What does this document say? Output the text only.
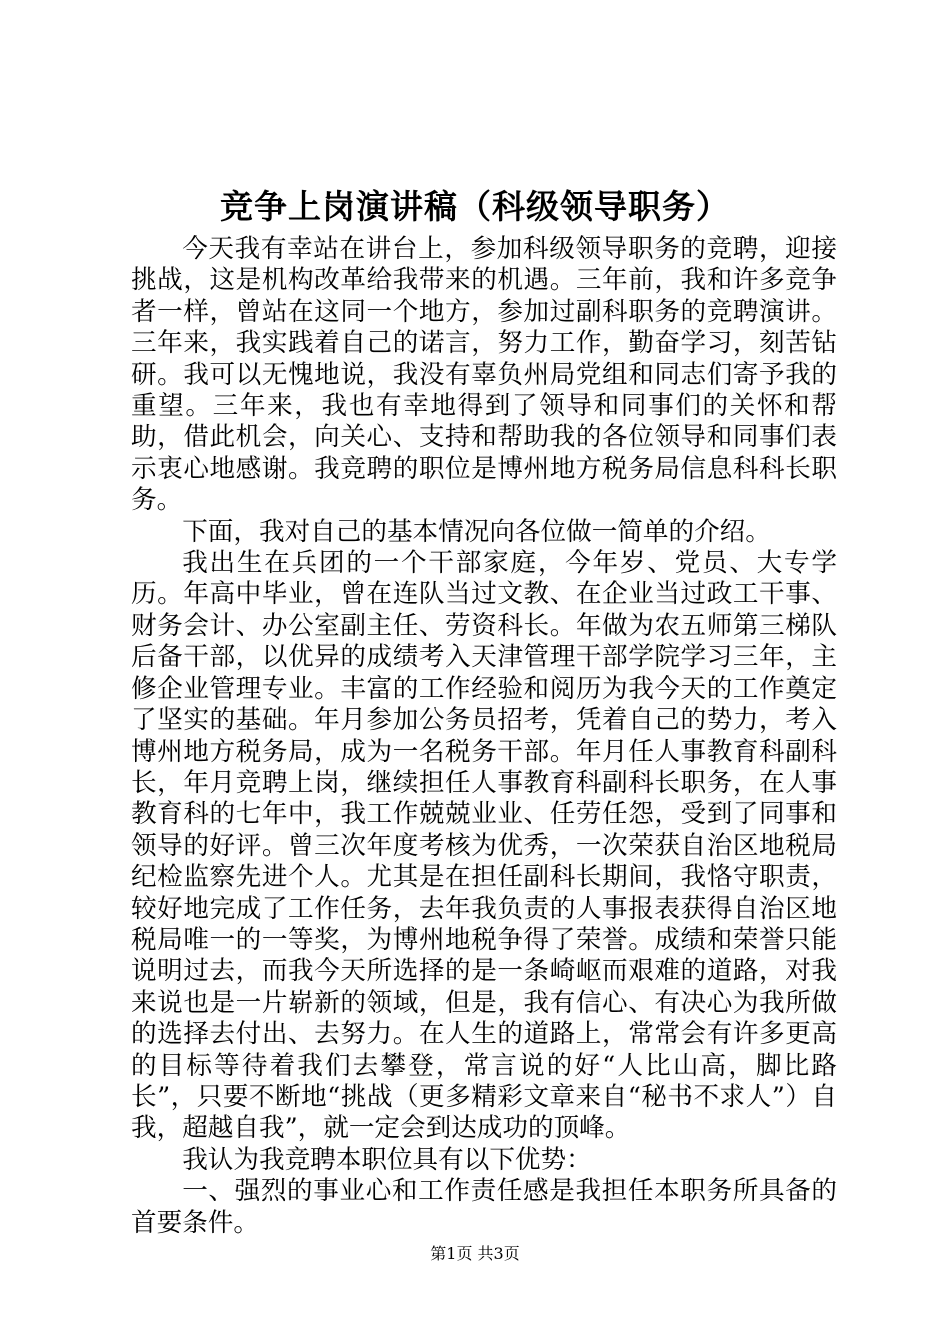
竞争上岗演讲稿（科级领导职务）

今天我有幸站在讲台上，参加科级领导职务的竞聘，迎接挑战，这是机构改革给我带来的机遇。三年前，我和许多竞争者一样，曾站在这同一个地方，参加过副科职务的竞聘演讲。三年来，我实践着自己的诺言，努力工作，勤奋学习，刻苦钻研。我可以无愧地说，我没有辜负州局党组和同志们寄予我的重望。三年来，我也有幸地得到了领导和同事们的关怀和帮助，借此机会，向关心、支持和帮助我的各位领导和同事们表示衷心地感谢。我竞聘的职位是博州地方税务局信息科科长职务。

下面，我对自己的基本情况向各位做一简单的介绍。

我出生在兵团的一个干部家庭，今年岁、党员、大专学历。年高中毕业，曾在连队当过文教、在企业当过政工干事、财务会计、办公室副主任、劳资科长。年做为农五师第三梯队后备干部，以优异的成绩考入天津管理干部学院学习三年，主修企业管理专业。丰富的工作经验和阅历为我今天的工作奠定了坚实的基础。年月参加公务员招考，凭着自己的势力，考入博州地方税务局，成为一名税务干部。年月任人事教育科副科长，年月竞聘上岗，继续担任人事教育科副科长职务，在人事教育科的七年中，我工作兢兢业业、任劳任怨，受到了同事和领导的好评。曾三次年度考核为优秀，一次荣获自治区地税局纪检监察先进个人。尤其是在担任副科长期间，我恪守职责，较好地完成了工作任务，去年我负责的人事报表获得自治区地税局唯一的一等奖，为博州地税争得了荣誉。成绩和荣誉只能说明过去，而我今天所选择的是一条崎岖而艰难的道路，对我来说也是一片崭新的领域，但是，我有信心、有决心为我所做的选择去付出、去努力。在人生的道路上，常常会有许多更高的目标等待着我们去攀登，常言说的好“人比山高，脚比路长”，只要不断地“挑战（更多精彩文章来自“秘书不求人”）自我，超越自我”，就一定会到达成功的顶峰。

我认为我竞聘本职位具有以下优势：

一、强烈的事业心和工作责任感是我担任本职务所具备的首要条件。

第1页 共3页
